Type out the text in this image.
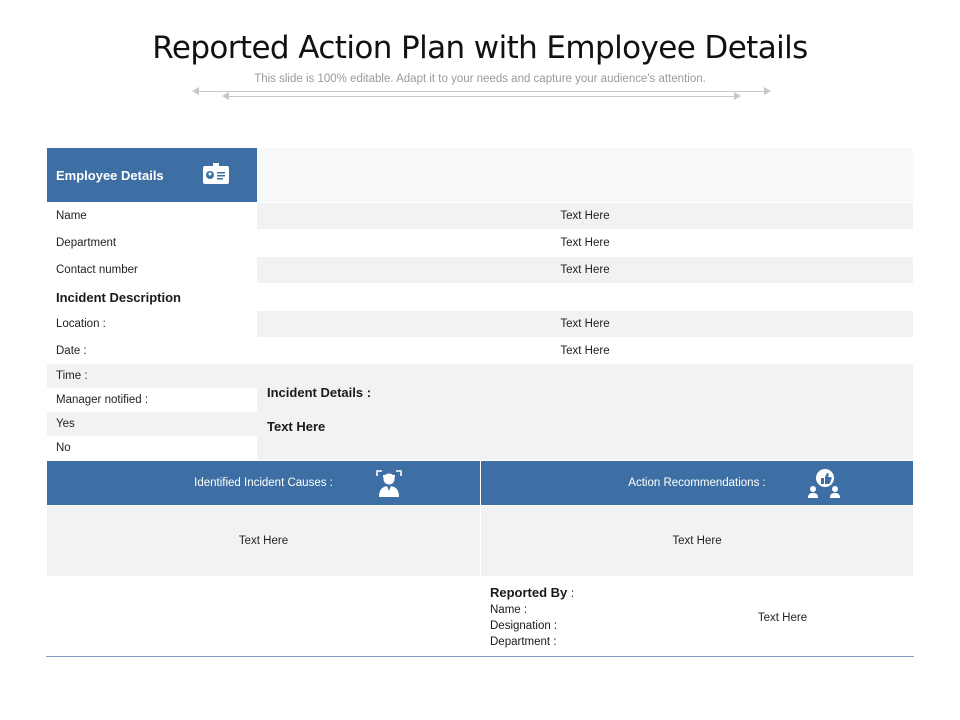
Reported Action Plan with Employee Details
This slide is 100% editable. Adapt it to your needs and capture your audience's attention.
Employee Details
Name	Text Here
Department	Text Here
Contact number	Text Here
Incident Description
Location :	Text Here
Date :	Text Here
Time :
Manager notified :
Yes
No
Incident Details :
Text Here
Identified Incident Causes :	Action Recommendations :
Text Here	Text Here
Reported By :
Name :
Designation :
Department :
Text Here
